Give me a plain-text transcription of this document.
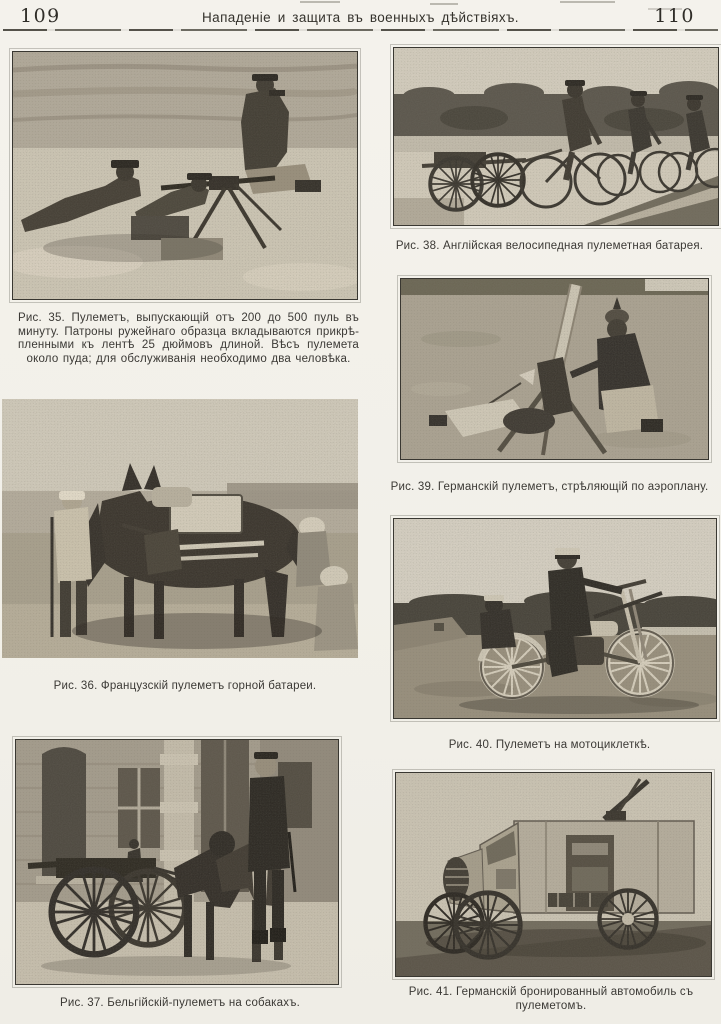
109	Нападеніе и защита въ военныхъ дѣйствіяхъ.	110
Рис. 35. Пулеметъ, выпускающій отъ 200 до 500 пуль въ минуту. Патроны ружейнаго образца вкладываются прикрѣпленными къ лентѣ 25 дюймовъ длиной. Вѣсъ пулемета около пуда; для обслуживанія необходимо два человѣка.
Рис. 36. Французскій пулеметъ горной батареи.
Рис. 37. Бельгійскій-пулеметъ на собакахъ.
Рис. 38. Англійская велосипедная пулеметная батарея.
Рис. 39. Германскій пулеметъ, стрѣляющій по аэроплану.
Рис. 40. Пулеметъ на мотоциклеткѣ.
Рис. 41. Германскій бронированный автомобиль съ пулеметомъ.
